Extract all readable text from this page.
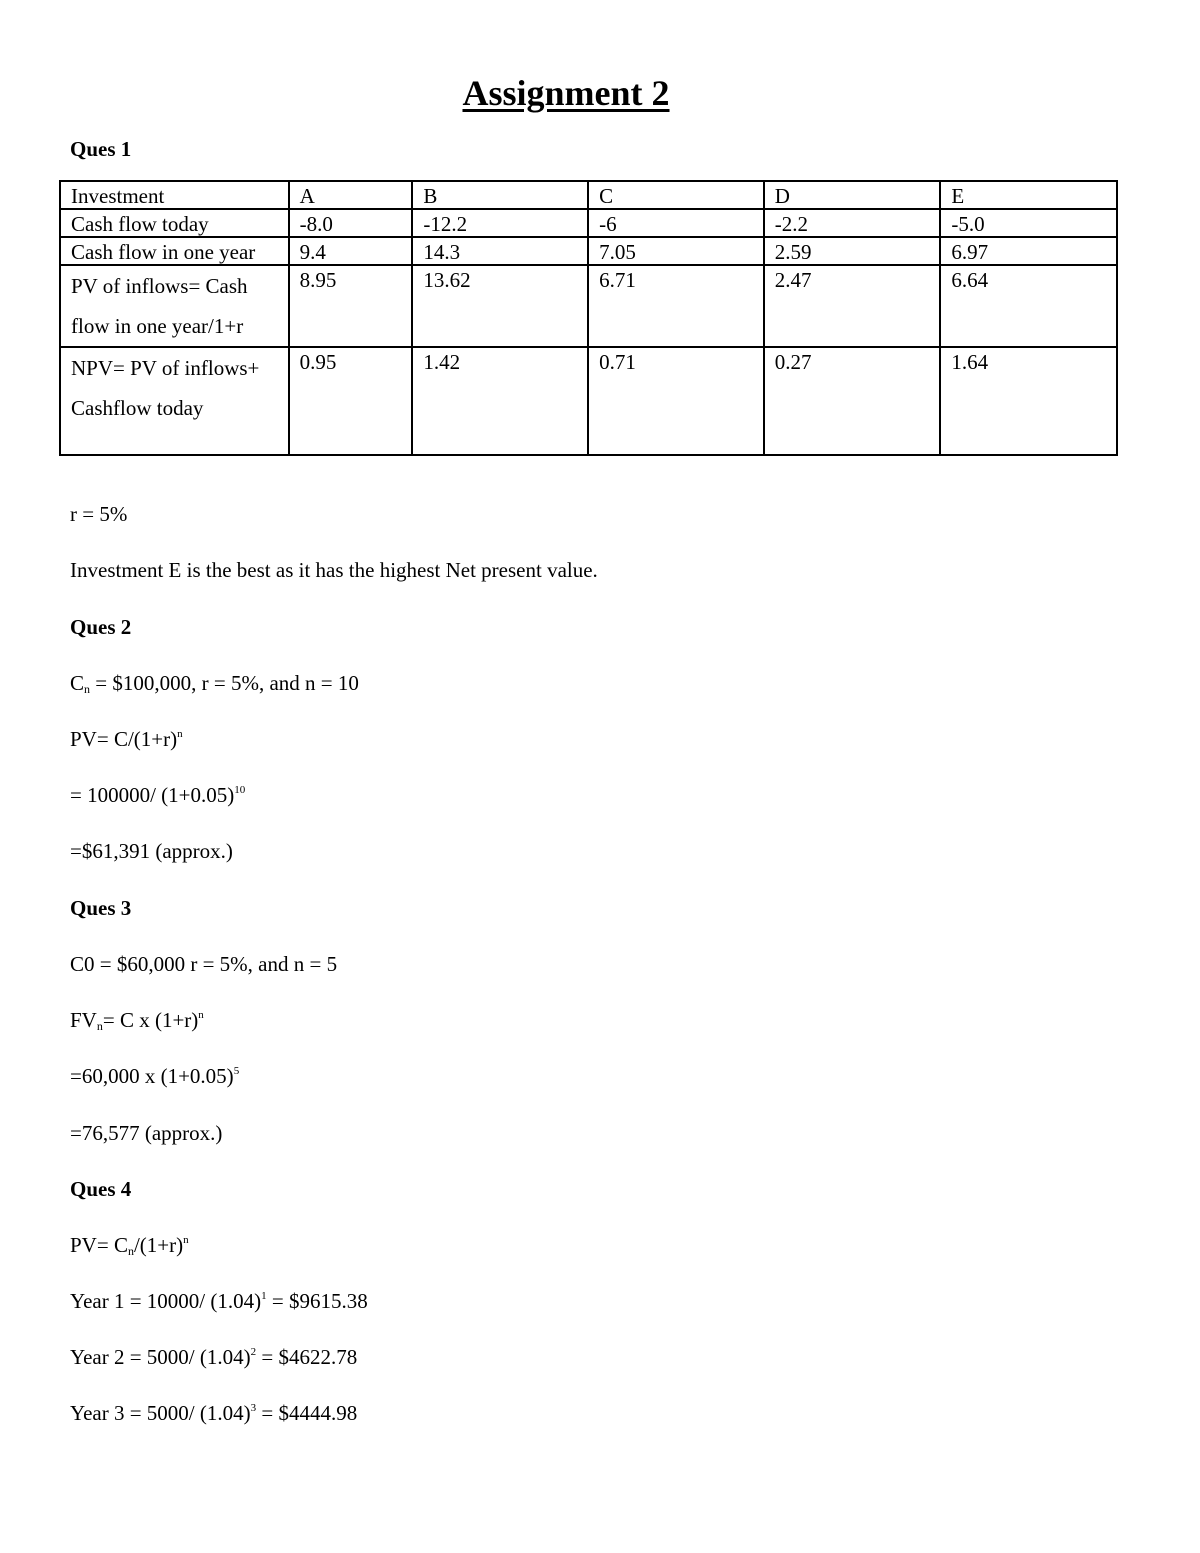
Assignment 2
Ques 1
Investment	A	B	C	D	E
Cash flow today	-8.0	-12.2	-6	-2.2	-5.0
Cash flow in one year	9.4	14.3	7.05	2.59	6.97
PV of inflows= Cash flow in one year/1+r	8.95	13.62	6.71	2.47	6.64
NPV= PV of inflows+ Cashflow today	0.95	1.42	0.71	0.27	1.64
r = 5%
Investment E is the best as it has the highest Net present value.
Ques 2
$C_n$ = $100,000, r = 5%, and n = 10
$PV= C/(1+r)^n$
= 100000/ $(1+0.05)^{10}$
=$61,391 (approx.)
Ques 3
C0 = $60,000 r = 5%, and n = 5
$FV_n= C$ x $(1+r)^n$
=60,000 x $(1+0.05)^5$
=76,577 (approx.)
Ques 4
$PV= C_n/(1+r)^n$
Year 1 = 10000/ $(1.04)^1$ = $9615.38
Year 2 = 5000/ $(1.04)^2$ = $4622.78
Year 3 = 5000/ $(1.04)^3$ = $4444.98
